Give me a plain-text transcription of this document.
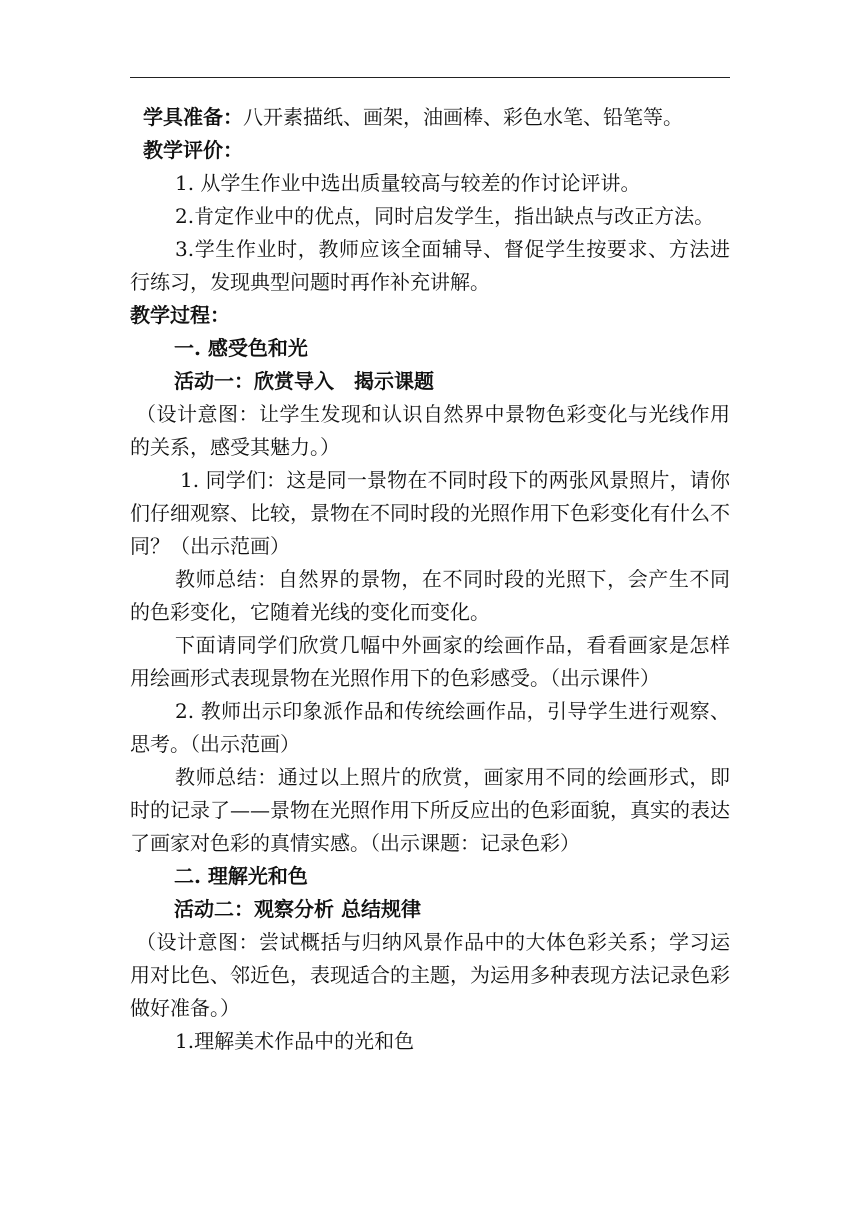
学具准备：八开素描纸、画架，油画棒、彩色水笔、铅笔等。

教学评价：

1. 从学生作业中选出质量较高与较差的作讨论评讲。

2.肯定作业中的优点，同时启发学生，指出缺点与改正方法。

3.学生作业时，教师应该全面辅导、督促学生按要求、方法进行练习，发现典型问题时再作补充讲解。

教学过程：

一. 感受色和光

活动一：欣赏导入　揭示课题

（设计意图：让学生发现和认识自然界中景物色彩变化与光线作用的关系，感受其魅力。）

1. 同学们：这是同一景物在不同时段下的两张风景照片，请你们仔细观察、比较，景物在不同时段的光照作用下色彩变化有什么不同？（出示范画）

教师总结：自然界的景物，在不同时段的光照下，会产生不同的色彩变化，它随着光线的变化而变化。

下面请同学们欣赏几幅中外画家的绘画作品，看看画家是怎样用绘画形式表现景物在光照作用下的色彩感受。（出示课件）

2. 教师出示印象派作品和传统绘画作品，引导学生进行观察、思考。（出示范画）

教师总结：通过以上照片的欣赏，画家用不同的绘画形式，即时的记录了——景物在光照作用下所反应出的色彩面貌，真实的表达了画家对色彩的真情实感。（出示课题：记录色彩）

二. 理解光和色

活动二：观察分析 总结规律

（设计意图：尝试概括与归纳风景作品中的大体色彩关系；学习运用对比色、邻近色，表现适合的主题，为运用多种表现方法记录色彩做好准备。）

1.理解美术作品中的光和色
